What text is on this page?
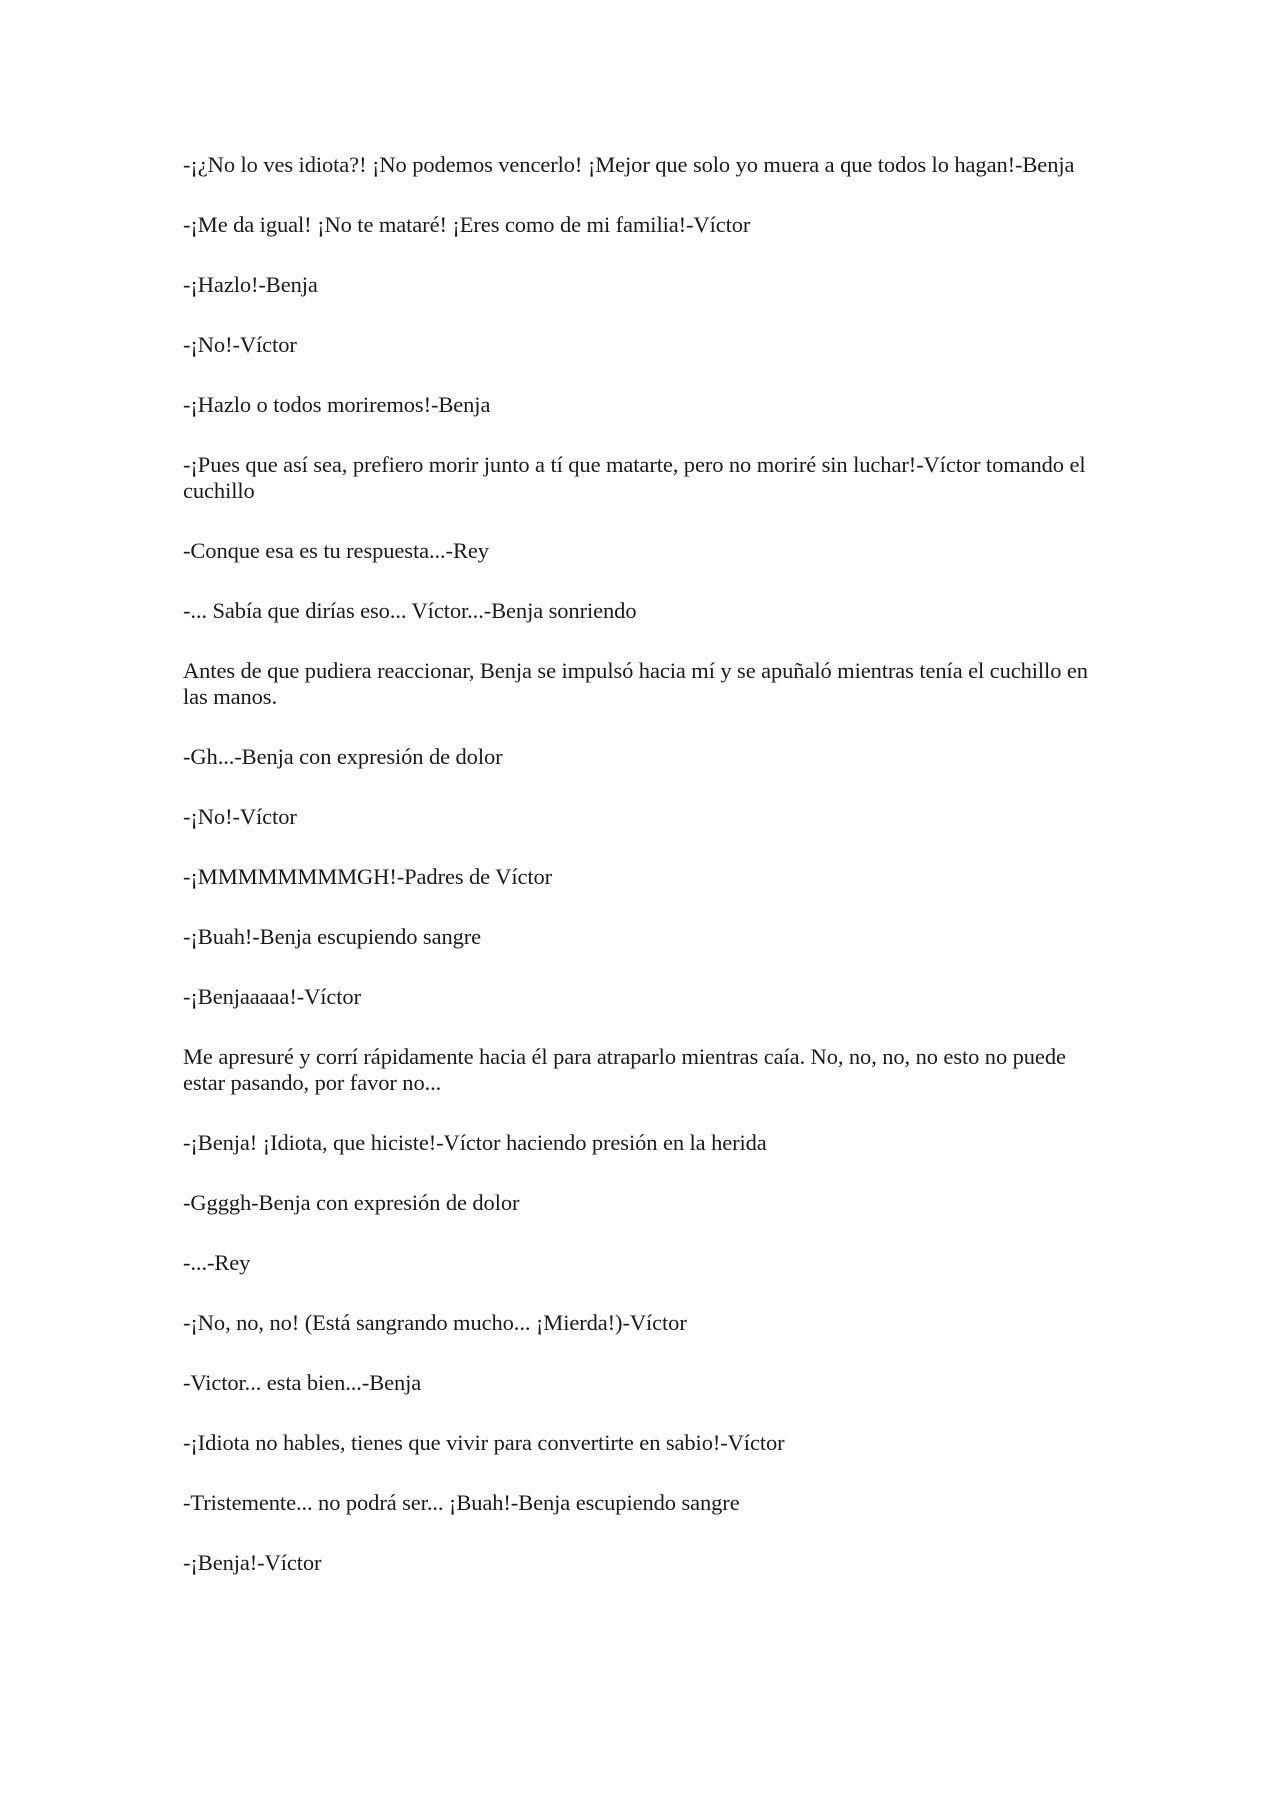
-¡¿No lo ves idiota?! ¡No podemos vencerlo! ¡Mejor que solo yo muera a que todos lo hagan!-Benja

-¡Me da igual! ¡No te mataré! ¡Eres como de mi familia!-Víctor

-¡Hazlo!-Benja

-¡No!-Víctor

-¡Hazlo o todos moriremos!-Benja

-¡Pues que así sea, prefiero morir junto a tí que matarte, pero no moriré sin luchar!-Víctor tomando el cuchillo

-Conque esa es tu respuesta...-Rey

-... Sabía que dirías eso... Víctor...-Benja sonriendo

Antes de que pudiera reaccionar, Benja se impulsó hacia mí y se apuñaló mientras tenía el cuchillo en las manos.

-Gh...-Benja con expresión de dolor

-¡No!-Víctor

-¡MMMMMMMMGH!-Padres de Víctor

-¡Buah!-Benja escupiendo sangre

-¡Benjaaaaa!-Víctor

Me apresuré y corrí rápidamente hacia él para atraparlo mientras caía. No, no, no, no esto no puede estar pasando, por favor no...

-¡Benja! ¡Idiota, que hiciste!-Víctor haciendo presión en la herida

-Ggggh-Benja con expresión de dolor

-...-Rey

-¡No, no, no! (Está sangrando mucho... ¡Mierda!)-Víctor

-Victor... esta bien...-Benja

-¡Idiota no hables, tienes que vivir para convertirte en sabio!-Víctor

-Tristemente... no podrá ser... ¡Buah!-Benja escupiendo sangre

-¡Benja!-Víctor
